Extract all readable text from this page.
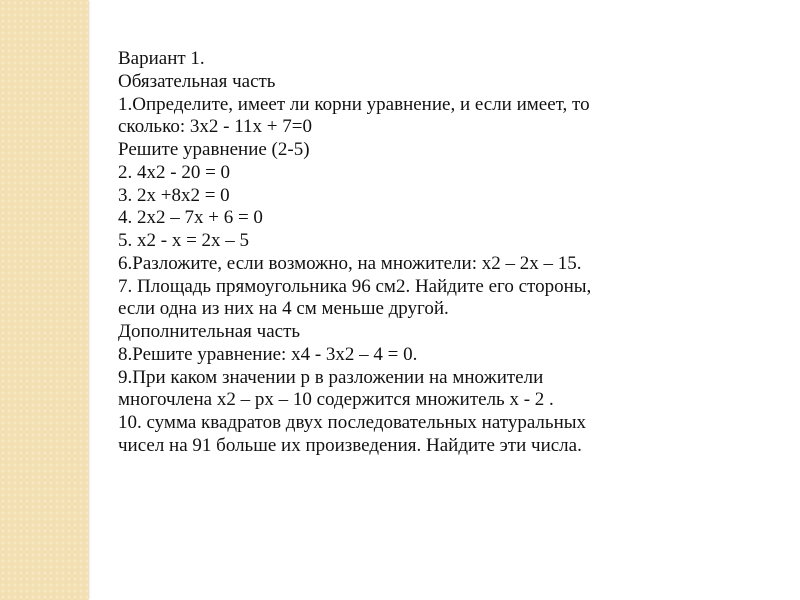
Вариант 1.
Обязательная часть
1.Определите, имеет ли корни уравнение, и если имеет, то
сколько: 3х2 - 11х + 7=0
Решите уравнение (2-5)
2. 4х2 - 20 = 0
3. 2х +8х2 = 0
4. 2х2 – 7х + 6 = 0
5. х2 - х = 2х – 5
6.Разложите, если возможно, на множители: х2 – 2х – 15.
7. Площадь прямоугольника 96 см2. Найдите его стороны,
если одна из них на 4 см меньше другой.
Дополнительная часть
8.Решите уравнение: х4 - 3х2 – 4 = 0.
9.При каком значении р в разложении на множители
многочлена х2 – рх – 10 содержится множитель х - 2 .
10. сумма квадратов двух последовательных натуральных
чисел на 91 больше их произведения. Найдите эти числа.
